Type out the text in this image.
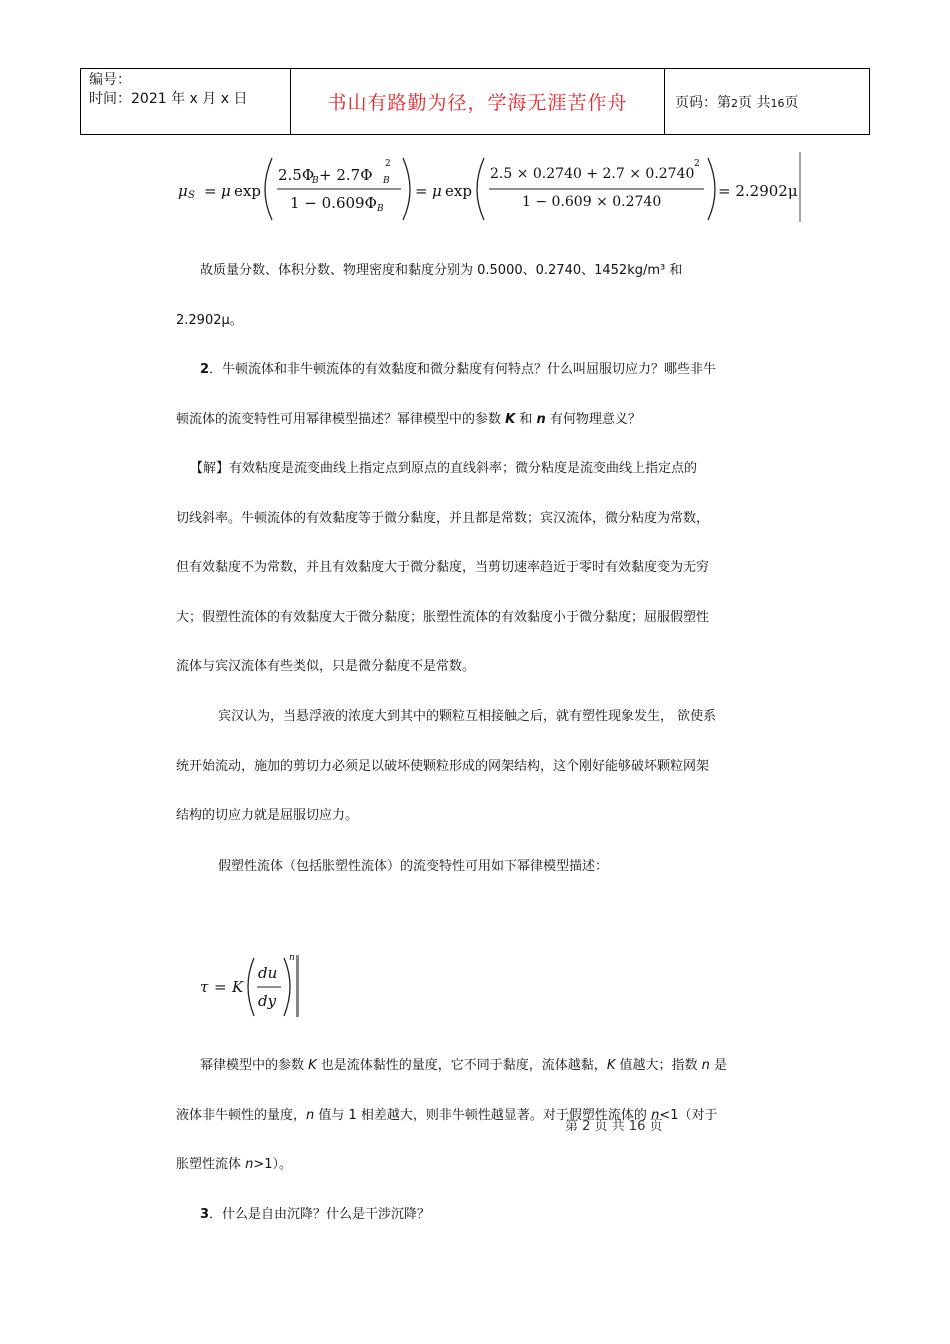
编号：
时间：2021 年 x 月 x 日	书山有路勤为径，学海无涯苦作舟	页码：第2页 共16页
μ S = μ exp
2.5Φ
B + 2.7Φ B
2
1 − 0.609Φ B
= μ exp
2.5 × 0.2740 + 2.7 × 0.2740
2
1 − 0.609 × 0.2740
= 2.2902μ
故质量分数、体积分数、物理密度和黏度分别为 0.5000、0.2740、1452kg/m³ 和
2.2902μ。
2．牛顿流体和非牛顿流体的有效黏度和微分黏度有何特点？什么叫屈服切应力？哪些非牛
顿流体的流变特性可用幂律模型描述？幂律模型中的参数 K 和 n 有何物理意义？
【解】有效粘度是流变曲线上指定点到原点的直线斜率；微分粘度是流变曲线上指定点的
切线斜率。牛顿流体的有效黏度等于微分黏度，并且都是常数；宾汉流体，微分粘度为常数，
但有效黏度不为常数，并且有效黏度大于微分黏度，当剪切速率趋近于零时有效黏度变为无穷
大；假塑性流体的有效黏度大于微分黏度；胀塑性流体的有效黏度小于微分黏度；屈服假塑性
流体与宾汉流体有些类似，只是微分黏度不是常数。
宾汉认为，当悬浮液的浓度大到其中的颗粒互相接触之后，就有塑性现象发生， 欲使系
统开始流动，施加的剪切力必须足以破坏使颗粒形成的网架结构，这个刚好能够破坏颗粒网架
结构的切应力就是屈服切应力。
假塑性流体（包括胀塑性流体）的流变特性可用如下幂律模型描述：
τ = K
du
dy
n
幂律模型中的参数 K 也是流体黏性的量度，它不同于黏度，流体越黏，K 值越大；指数 n 是
液体非牛顿性的量度，n 值与 1 相差越大，则非牛顿性越显著。对于假塑性流体的 n<1（对于
第 2 页 共 16 页
胀塑性流体 n>1）。
3．什么是自由沉降？什么是干涉沉降？
